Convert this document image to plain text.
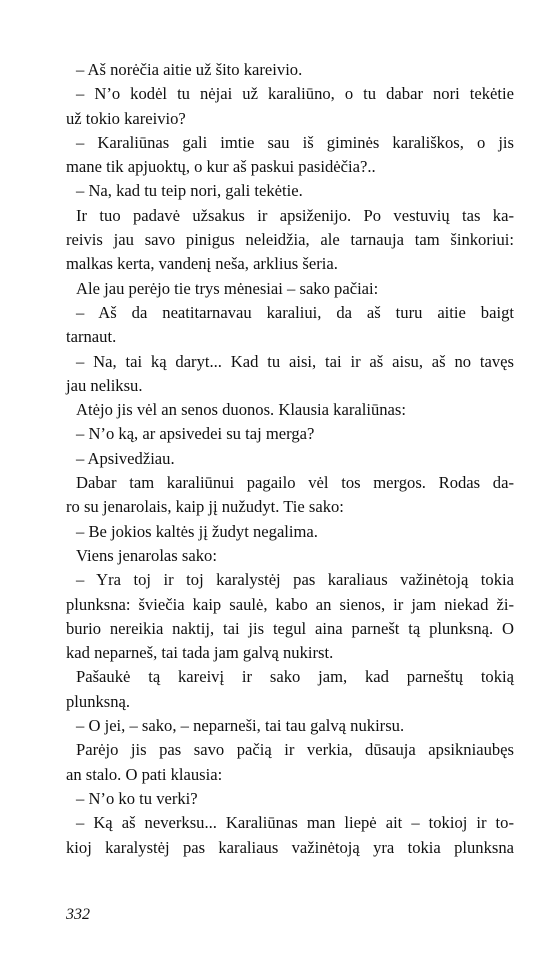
– Aš norėčia aitie už šito kareivio.
– N’o kodėl tu nėjai už karaliūno, o tu dabar nori tekėtie
už tokio kareivio?
– Karaliūnas gali imtie sau iš giminės karališkos, o jis
mane tik apjuoktų, o kur aš paskui pasidėčia?..
– Na, kad tu teip nori, gali tekėtie.
Ir tuo padavė užsakus ir apsiženijo. Po vestuvių tas ka-
reivis jau savo pinigus neleidžia, ale tarnauja tam šinkoriui:
malkas kerta, vandenį neša, arklius šeria.
Ale jau perėjo tie trys mėnesiai – sako pačiai:
– Aš da neatitarnavau karaliui, da aš turu aitie baigt
tarnaut.
– Na, tai ką daryt... Kad tu aisi, tai ir aš aisu, aš no tavęs
jau neliksu.
Atėjo jis vėl an senos duonos. Klausia karaliūnas:
– N’o ką, ar apsivedei su taj merga?
– Apsivedžiau.
Dabar tam karaliūnui pagailo vėl tos mergos. Rodas da-
ro su jenarolais, kaip jį nužudyt. Tie sako:
– Be jokios kaltės jį žudyt negalima.
Viens jenarolas sako:
– Yra toj ir toj karalystėj pas karaliaus važinėtoją tokia
plunksna: šviečia kaip saulė, kabo an sienos, ir jam niekad ži-
burio nereikia naktij, tai jis tegul aina parnešt tą plunksną. O
kad neparneš, tai tada jam galvą nukirst.
Pašaukė tą kareivį ir sako jam, kad parneštų tokią
plunksną.
– O jei, – sako, – neparneši, tai tau galvą nukirsu.
Parėjo jis pas savo pačią ir verkia, dūsauja apsikniaubęs
an stalo. O pati klausia:
– N’o ko tu verki?
– Ką aš neverksu... Karaliūnas man liepė ait – tokioj ir to-
kioj karalystėj pas karaliaus važinėtoją yra tokia plunksna
332
